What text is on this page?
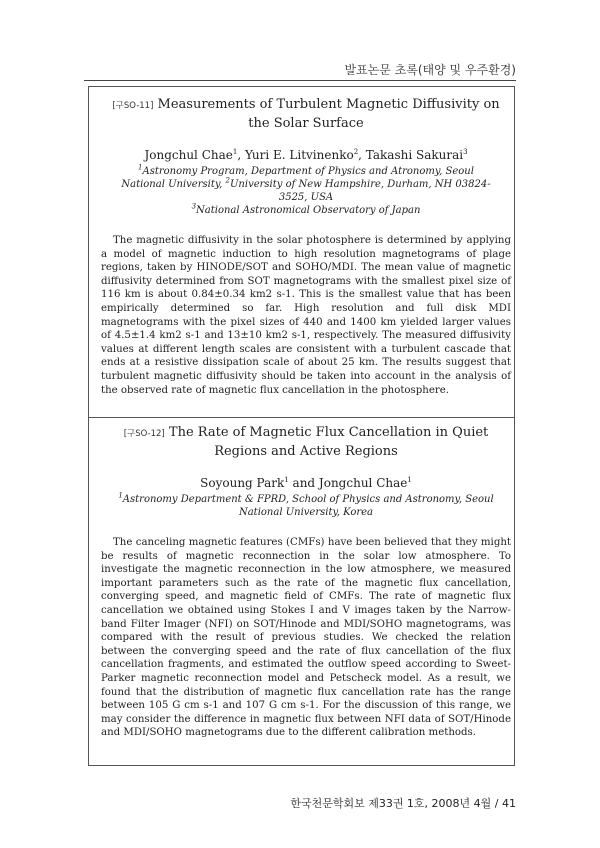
발표논문 초록(태양 및 우주환경)

[구SO-11] Measurements of Turbulent Magnetic Diffusivity on the Solar Surface

Jongchul Chae$^1$, Yuri E. Litvinenko$^2$, Takashi Sakurai$^3$

$^1$Astronomy Program, Department of Physics and Atronomy, Seoul National University, $^2$University of New Hampshire, Durham, NH 03824-3525, USA
$^3$National Astronomical Observatory of Japan

The magnetic diffusivity in the solar photosphere is determined by applying a model of magnetic induction to high resolution magnetograms of plage regions, taken by HINODE/SOT and SOHO/MDI. The mean value of magnetic diffusivity determined from SOT magnetograms with the smallest pixel size of 116 km is about 0.84±0.34 km2 s-1. This is the smallest value that has been empirically determined so far. High resolution and full disk MDI magnetograms with the pixel sizes of 440 and 1400 km yielded larger values of 4.5±1.4 km2 s-1 and 13±10 km2 s-1, respectively. The measured diffusivity values at different length scales are consistent with a turbulent cascade that ends at a resistive dissipation scale of about 25 km. The results suggest that turbulent magnetic diffusivity should be taken into account in the analysis of the observed rate of magnetic flux cancellation in the photosphere.

[구SO-12] The Rate of Magnetic Flux Cancellation in Quiet Regions and Active Regions

Soyoung Park$^1$ and Jongchul Chae$^1$

$^1$Astronomy Department & FPRD, School of Physics and Astronomy, Seoul National University, Korea

The canceling magnetic features (CMFs) have been believed that they might be results of magnetic reconnection in the solar low atmosphere. To investigate the magnetic reconnection in the low atmosphere, we measured important parameters such as the rate of the magnetic flux cancellation, converging speed, and magnetic field of CMFs. The rate of magnetic flux cancellation we obtained using Stokes I and V images taken by the Narrow-band Filter Imager (NFI) on SOT/Hinode and MDI/SOHO magnetograms, was compared with the result of previous studies. We checked the relation between the converging speed and the rate of flux cancellation of the flux cancellation fragments, and estimated the outflow speed according to Sweet-Parker magnetic reconnection model and Petscheck model. As a result, we found that the distribution of magnetic flux cancellation rate has the range between 105 G cm s-1 and 107 G cm s-1. For the discussion of this range, we may consider the difference in magnetic flux between NFI data of SOT/Hinode and MDI/SOHO magnetograms due to the different calibration methods.

한국천문학회보 제33권 1호, 2008년 4월 / 41
